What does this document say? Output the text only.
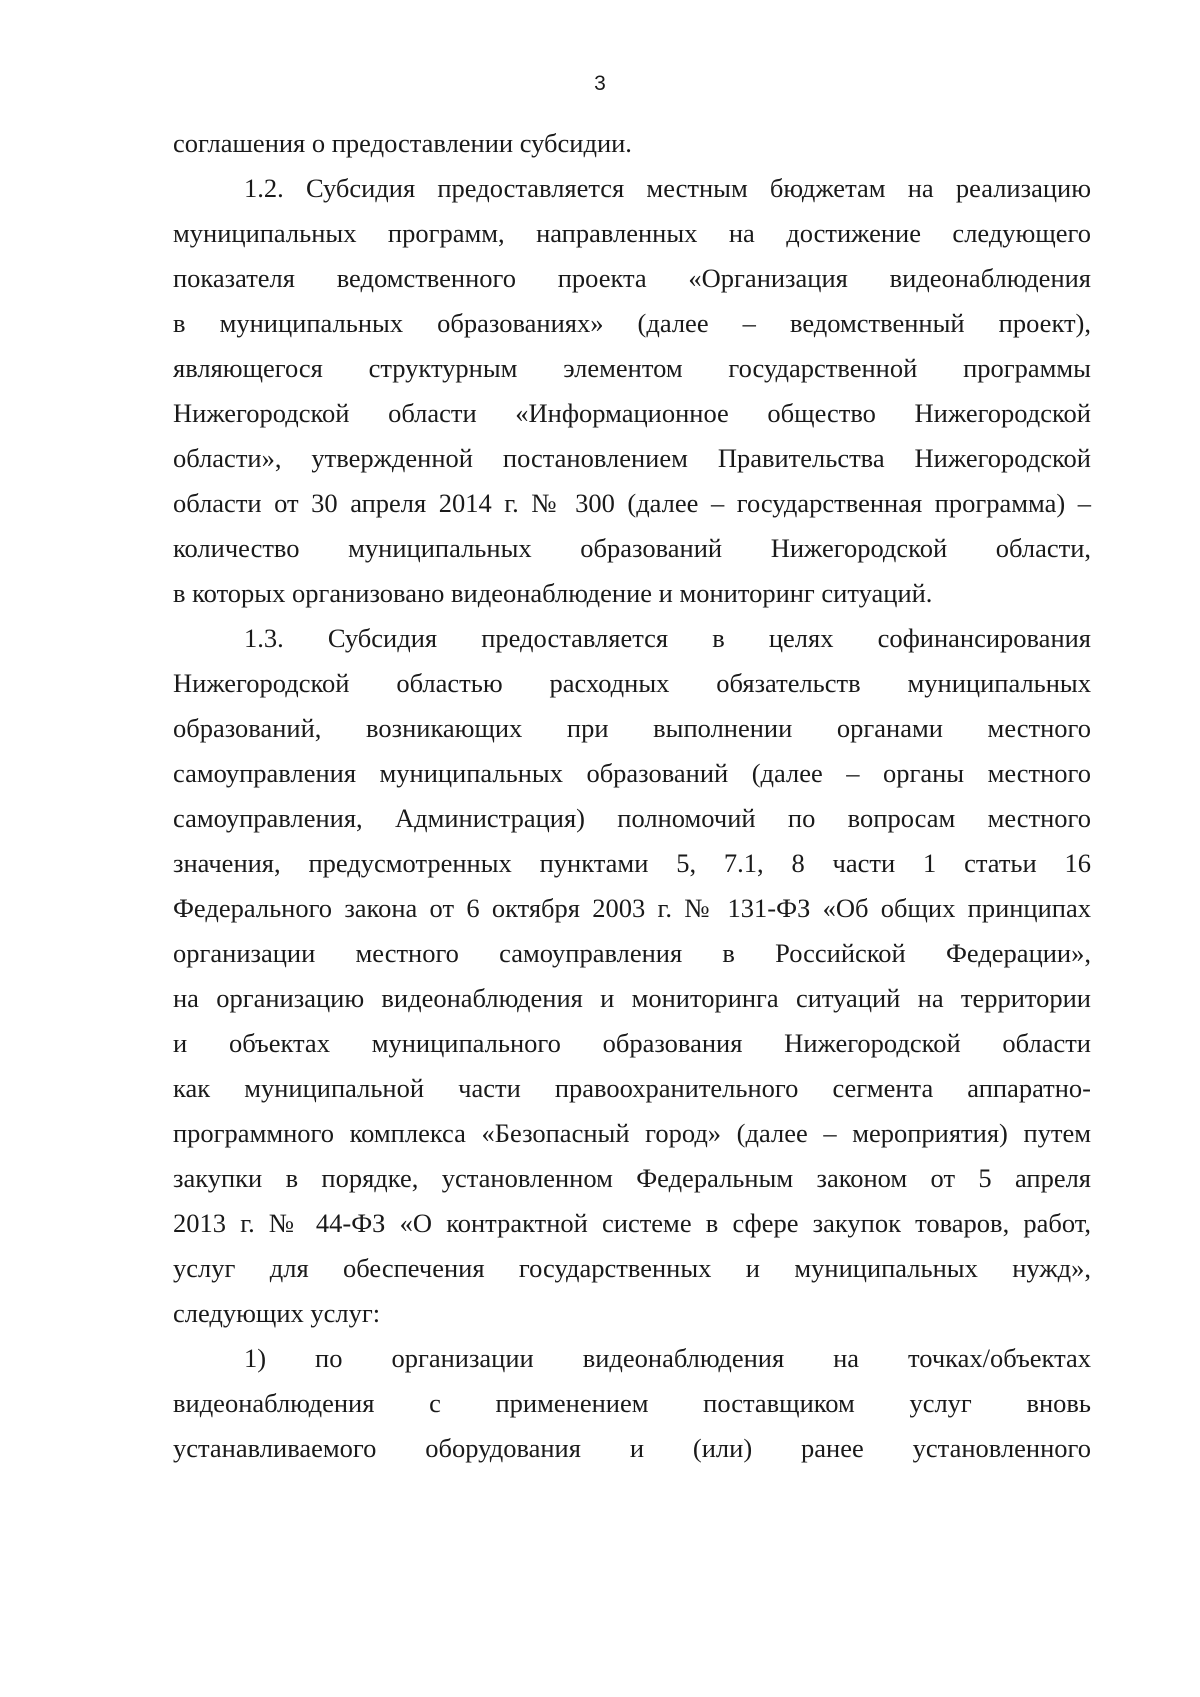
3
соглашения о предоставлении субсидии.
1.2. Субсидия предоставляется местным бюджетам на реализацию
муниципальных программ, направленных на достижение следующего
показателя ведомственного проекта «Организация видеонаблюдения
в муниципальных образованиях» (далее – ведомственный проект),
являющегося структурным элементом государственной программы
Нижегородской области «Информационное общество Нижегородской
области», утвержденной постановлением Правительства Нижегородской
области от 30 апреля 2014 г. № 300 (далее – государственная программа) –
количество муниципальных образований Нижегородской области,
в которых организовано видеонаблюдение и мониторинг ситуаций.
1.3. Субсидия предоставляется в целях софинансирования
Нижегородской областью расходных обязательств муниципальных
образований, возникающих при выполнении органами местного
самоуправления муниципальных образований (далее – органы местного
самоуправления, Администрация) полномочий по вопросам местного
значения, предусмотренных пунктами 5, 7.1, 8 части 1 статьи 16
Федерального закона от 6 октября 2003 г. № 131-ФЗ «Об общих принципах
организации местного самоуправления в Российской Федерации»,
на организацию видеонаблюдения и мониторинга ситуаций на территории
и объектах муниципального образования Нижегородской области
как муниципальной части правоохранительного сегмента аппаратно-
программного комплекса «Безопасный город» (далее – мероприятия) путем
закупки в порядке, установленном Федеральным законом от 5 апреля
2013 г. № 44-ФЗ «О контрактной системе в сфере закупок товаров, работ,
услуг для обеспечения государственных и муниципальных нужд»,
следующих услуг:
1) по организации видеонаблюдения на точках/объектах
видеонаблюдения с применением поставщиком услуг вновь
устанавливаемого оборудования и (или) ранее установленного
